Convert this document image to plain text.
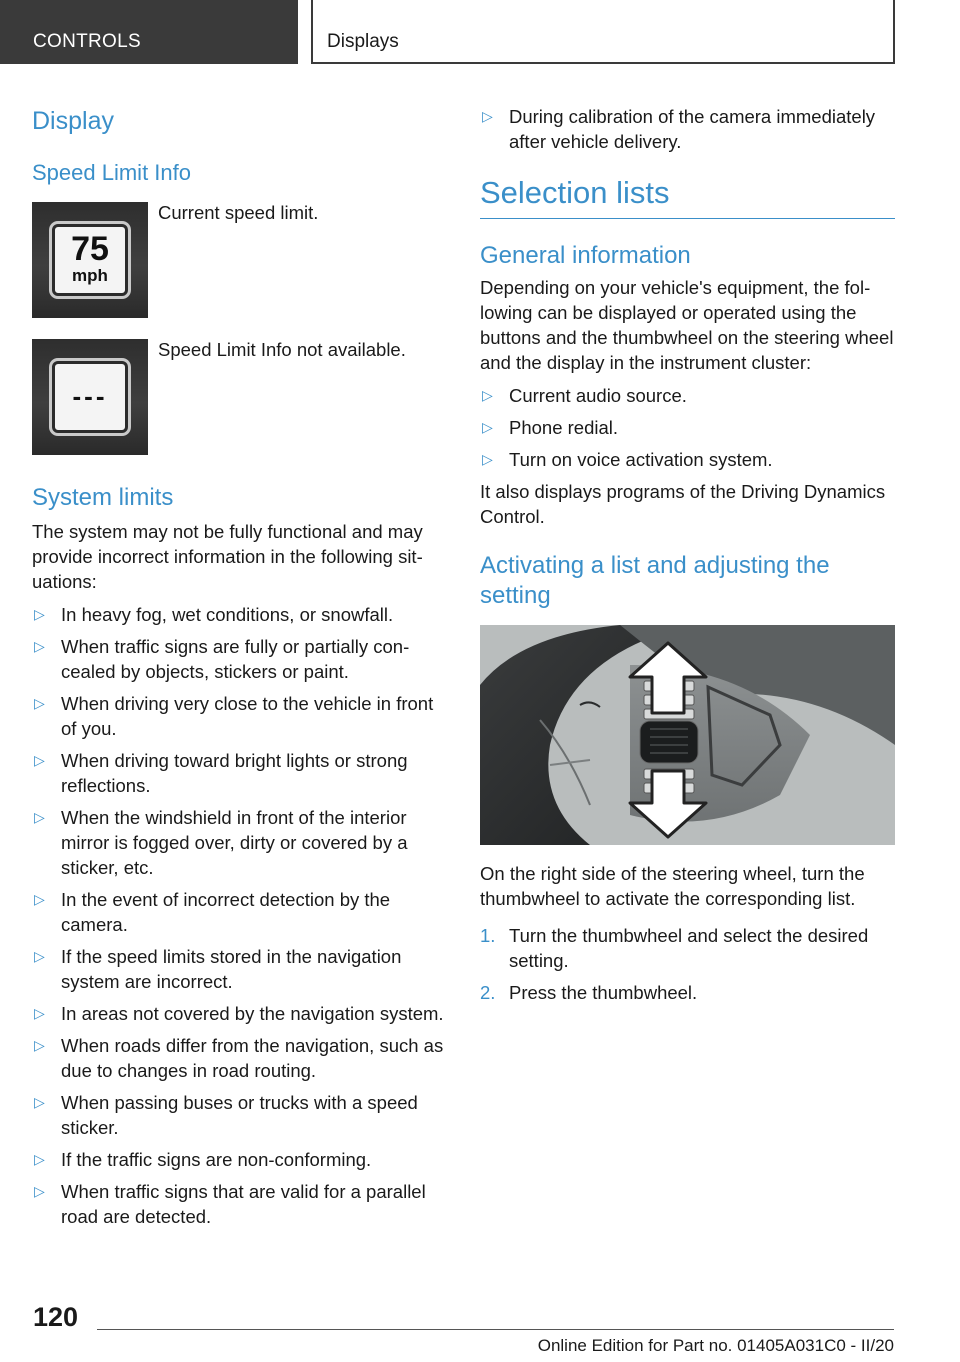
CONTROLS	Displays
Display
Speed Limit Info
75
mph
Current speed limit.
---
Speed Limit Info not available.
System limits
The system may not be fully functional and may provide incorrect information in the following situations:
▷ In heavy fog, wet conditions, or snowfall.
▷ When traffic signs are fully or partially concealed by objects, stickers or paint.
▷ When driving very close to the vehicle in front of you.
▷ When driving toward bright lights or strong reflections.
▷ When the windshield in front of the interior mirror is fogged over, dirty or covered by a sticker, etc.
▷ In the event of incorrect detection by the camera.
▷ If the speed limits stored in the navigation system are incorrect.
▷ In areas not covered by the navigation system.
▷ When roads differ from the navigation, such as due to changes in road routing.
▷ When passing buses or trucks with a speed sticker.
▷ If the traffic signs are non-conforming.
▷ When traffic signs that are valid for a parallel road are detected.
▷ During calibration of the camera immediately after vehicle delivery.
Selection lists
General information
Depending on your vehicle's equipment, the following can be displayed or operated using the buttons and the thumbwheel on the steering wheel and the display in the instrument cluster:
▷ Current audio source.
▷ Phone redial.
▷ Turn on voice activation system.
It also displays programs of the Driving Dynamics Control.
Activating a list and adjusting the setting
On the right side of the steering wheel, turn the thumbwheel to activate the corresponding list.
1. Turn the thumbwheel and select the desired setting.
2. Press the thumbwheel.
120
Online Edition for Part no. 01405A031C0 - II/20
